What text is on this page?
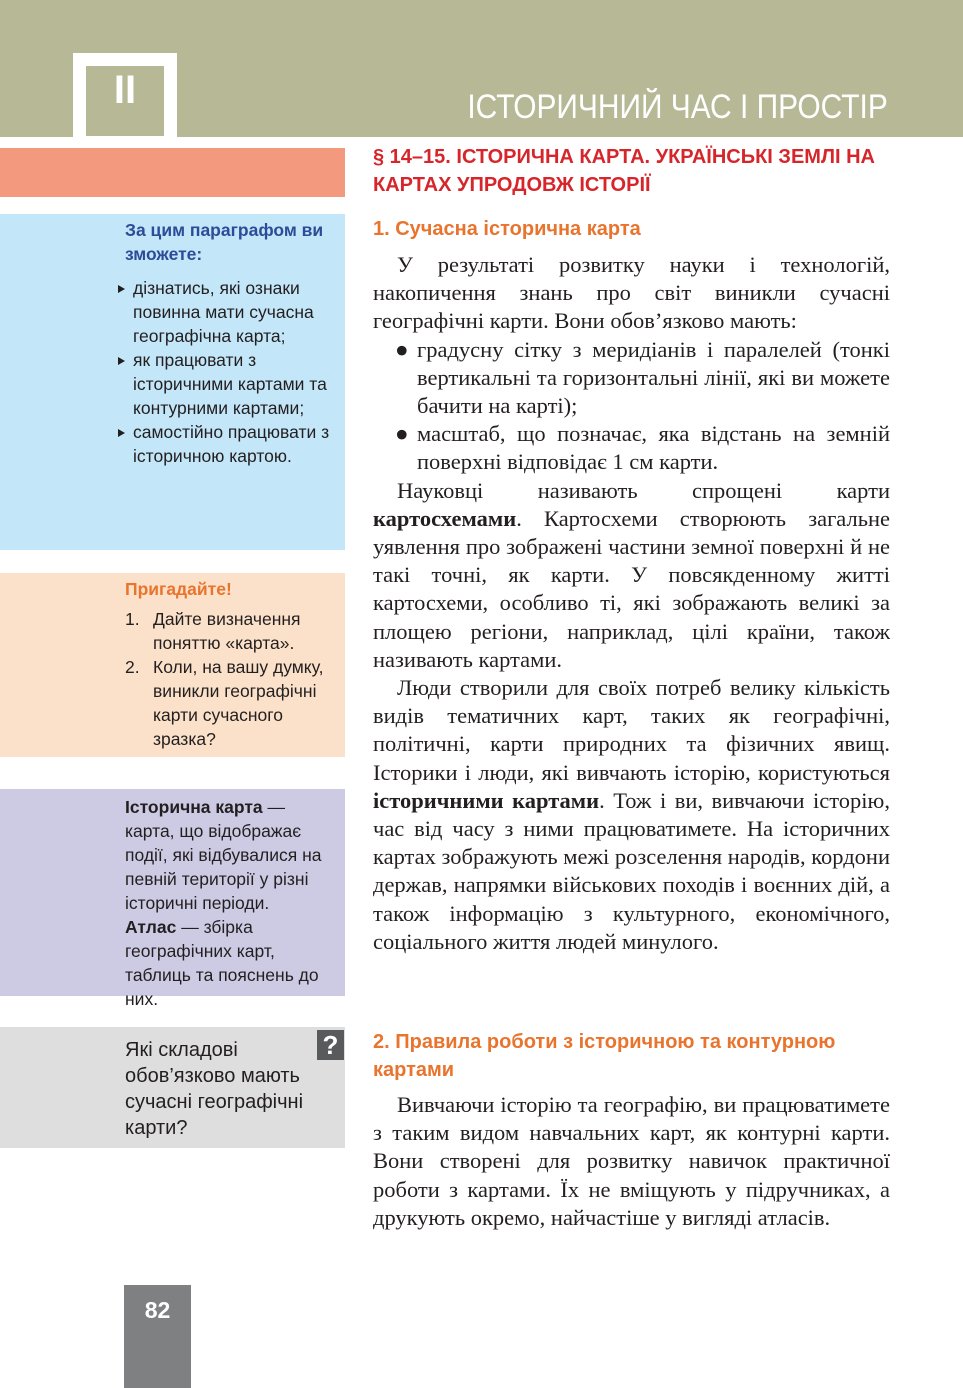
II	ІСТОРИЧНИЙ ЧАС І ПРОСТІР
§ 14–15. ІСТОРИЧНА КАРТА. УКРАЇНСЬКІ ЗЕМЛІ НА КАРТАХ УПРОДОВЖ ІСТОРІЇ
За цим параграфом ви зможете:
дізнатись, які ознаки повинна мати сучасна географічна карта;
як працювати з історичними картами та контурними картами;
самостійно працювати з історичною картою.
Пригадайте!
1. Дайте визначення поняттю «карта».
2. Коли, на вашу думку, виникли географічні карти сучасного зразка?
Історична карта — карта, що відображає події, які відбувалися на певній території у різні історичні періоди.
Атлас — збірка географічних карт, таблиць та пояснень до них.
Які складові обов’язково мають сучасні географічні карти?
?
1. Сучасна історична карта

У результаті розвитку науки і технологій, накопичення знань про світ виникли сучасні географічні карти. Вони обов’язково мають:

● градусну сітку з меридіанів і паралелей (тонкі вертикальні та горизонтальні лінії, які ви можете бачити на карті);
● масштаб, що позначає, яка відстань на земній поверхні відповідає 1 см карти.

Науковці називають спрощені карти картосхемами. Картосхеми створюють загальне уявлення про зображені частини земної поверхні й не такі точні, як карти. У повсякденному житті картосхеми, особливо ті, які зображають великі за площею регіони, наприклад, цілі країни, також називають картами.

Люди створили для своїх потреб велику кількість видів тематичних карт, таких як географічні, політичні, карти природних та фізичних явищ. Історики і люди, які вивчають історію, користуються історичними картами. Тож і ви, вивчаючи історію, час від часу з ними працюватимете. На історичних картах зображують межі розселення народів, кордони держав, напрямки військових походів і воєнних дій, а також інформацію з культурного, економічного, соціального життя людей минулого.

2. Правила роботи з історичною та контурною картами

Вивчаючи історію та географію, ви працюватимете з таким видом навчальних карт, як контурні карти. Вони створені для розвитку навичок практичної роботи з картами. Їх не вміщують у підручниках, а друкують окремо, найчастіше у вигляді атласів.

82
